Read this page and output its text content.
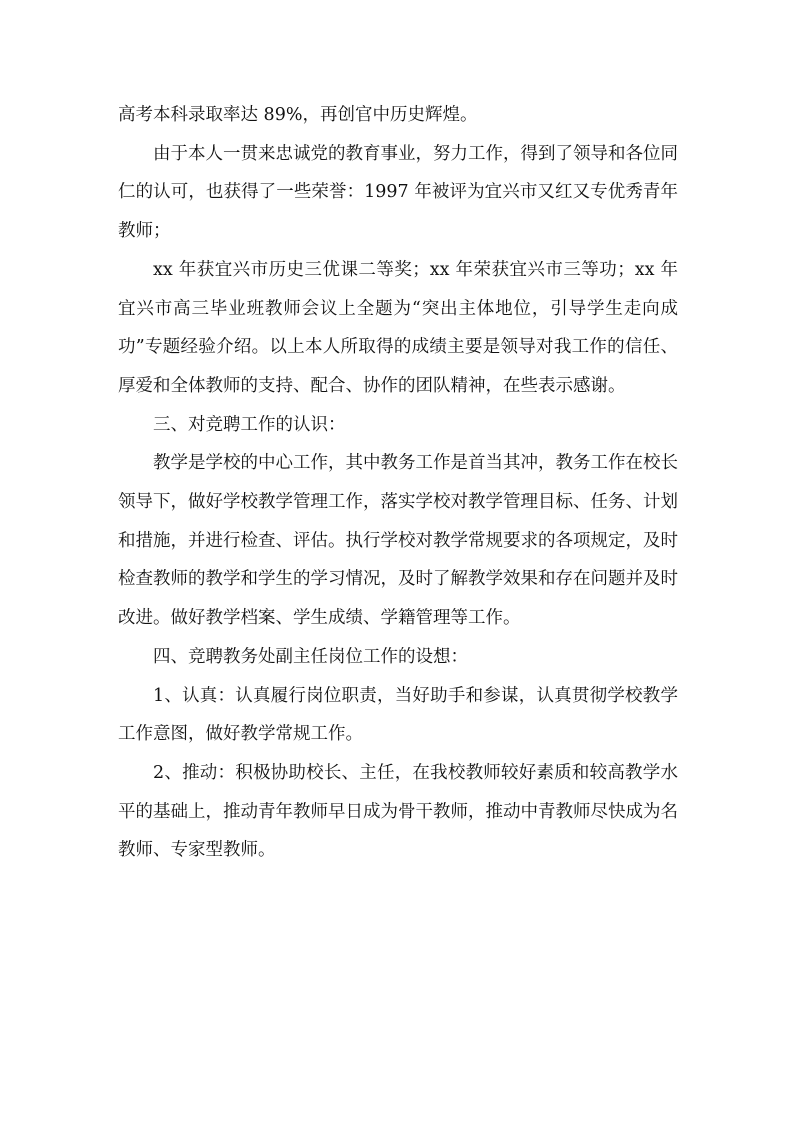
高考本科录取率达 89%，再创官中历史辉煌。

由于本人一贯来忠诚党的教育事业，努力工作，得到了领导和各位同仁的认可，也获得了一些荣誉：1997 年被评为宜兴市又红又专优秀青年教师；

xx 年获宜兴市历史三优课二等奖；xx 年荣获宜兴市三等功；xx 年宜兴市高三毕业班教师会议上全题为“突出主体地位，引导学生走向成功”专题经验介绍。以上本人所取得的成绩主要是领导对我工作的信任、厚爱和全体教师的支持、配合、协作的团队精神，在些表示感谢。

三、对竞聘工作的认识：

教学是学校的中心工作，其中教务工作是首当其冲，教务工作在校长领导下，做好学校教学管理工作，落实学校对教学管理目标、任务、计划和措施，并进行检查、评估。执行学校对教学常规要求的各项规定，及时检查教师的教学和学生的学习情况，及时了解教学效果和存在问题并及时改进。做好教学档案、学生成绩、学籍管理等工作。

四、竞聘教务处副主任岗位工作的设想：

1、认真：认真履行岗位职责，当好助手和参谋，认真贯彻学校教学工作意图，做好教学常规工作。

2、推动：积极协助校长、主任，在我校教师较好素质和较高教学水平的基础上，推动青年教师早日成为骨干教师，推动中青教师尽快成为名教师、专家型教师。
